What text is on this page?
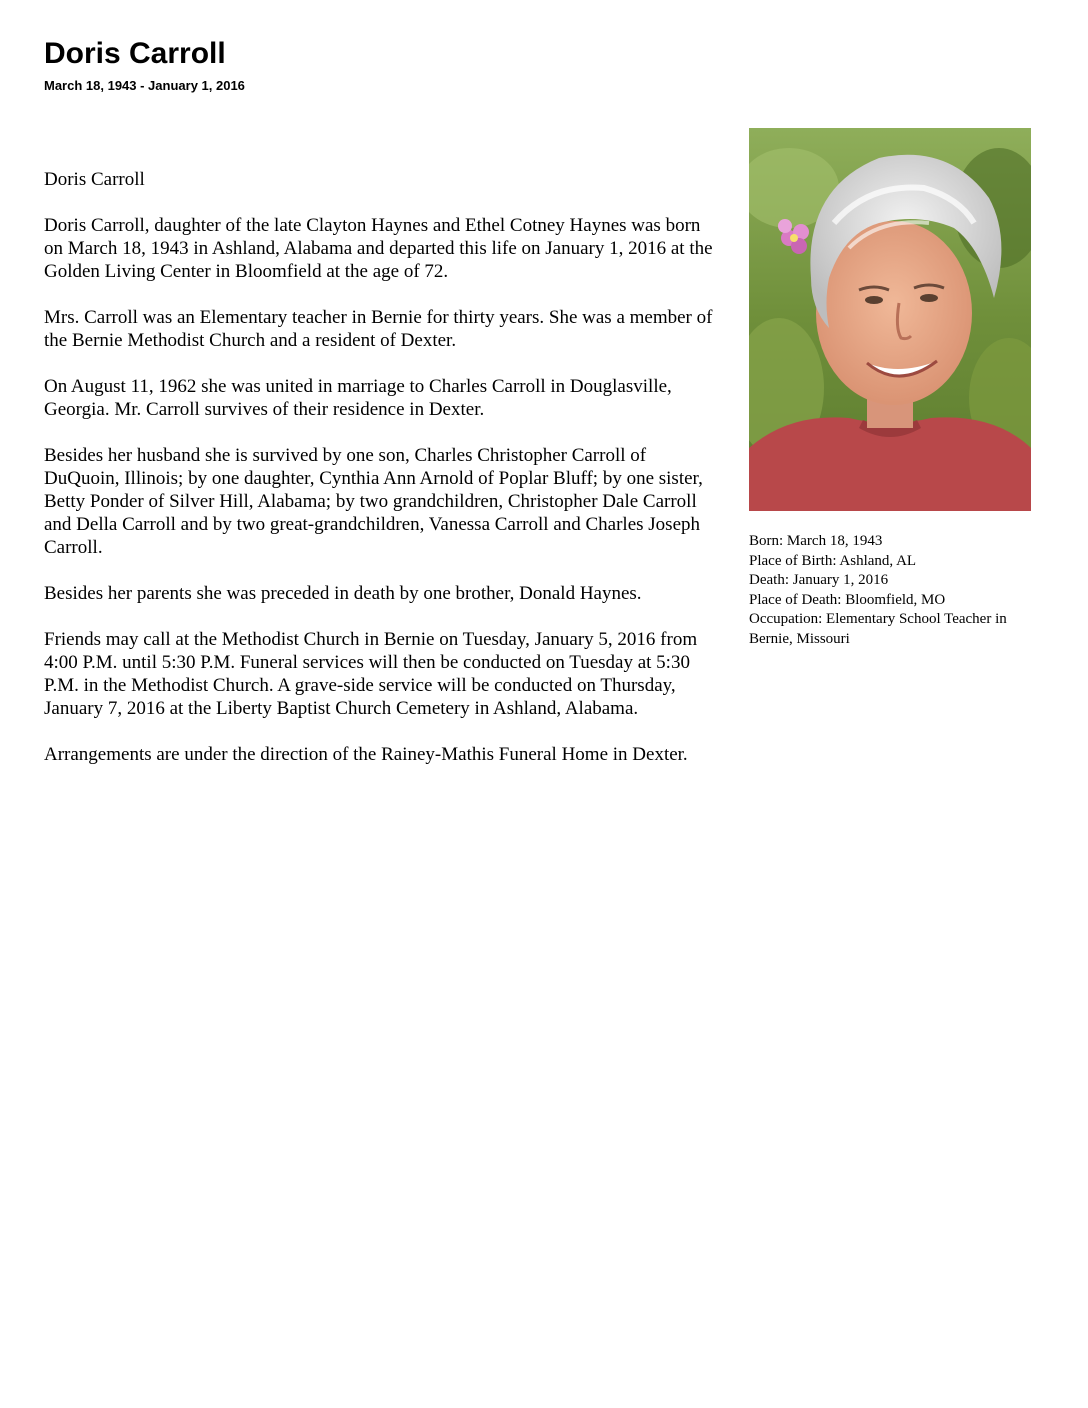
Doris Carroll
March 18, 1943 - January 1, 2016

Doris Carroll

Doris Carroll, daughter of the late Clayton Haynes and Ethel Cotney Haynes was born on March 18, 1943 in Ashland, Alabama and departed this life on January 1, 2016 at the Golden Living Center in Bloomfield at the age of 72.

Mrs. Carroll was an Elementary teacher in Bernie for thirty years. She was a member of the Bernie Methodist Church and a resident of Dexter.

On August 11, 1962 she was united in marriage to Charles Carroll in Douglasville, Georgia. Mr. Carroll survives of their residence in Dexter.

Besides her husband she is survived by one son, Charles Christopher Carroll of DuQuoin, Illinois; by one daughter, Cynthia Ann Arnold of Poplar Bluff; by one sister, Betty Ponder of Silver Hill, Alabama; by two grandchildren, Christopher Dale Carroll and Della Carroll and by two great-grandchildren, Vanessa Carroll and Charles Joseph Carroll.

Besides her parents she was preceded in death by one brother, Donald Haynes.

Friends may call at the Methodist Church in Bernie on Tuesday, January 5, 2016 from 4:00 P.M. until 5:30 P.M. Funeral services will then be conducted on Tuesday at 5:30 P.M. in the Methodist Church. A grave-side service will be conducted on Thursday, January 7, 2016 at the Liberty Baptist Church Cemetery in Ashland, Alabama.

Arrangements are under the direction of the Rainey-Mathis Funeral Home in Dexter.

Born: March 18, 1943
Place of Birth: Ashland, AL
Death: January 1, 2016
Place of Death: Bloomfield, MO
Occupation: Elementary School Teacher in Bernie, Missouri
